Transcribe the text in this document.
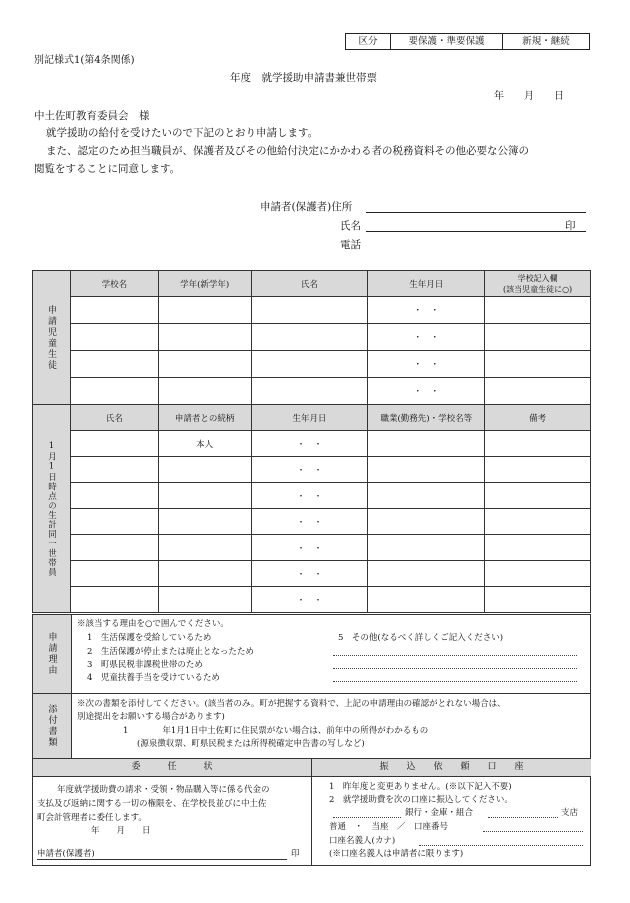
区分	要保護・準要保護	新規・継続
別記様式1(第4条関係)
年度　就学援助申請書兼世帯票
年　　月　　日
中土佐町教育委員会　様
就学援助の給付を受けたいので下記のとおり申請します。
また、認定のため担当職員が、保護者及びその他給付決定にかかわる者の税務資料その他必要な公簿の
閲覧をすることに同意します。
申請者(保護者)住所
氏名	印
電話
申請児童生徒	学校名	学年(新学年)	氏名	生年月日	学校記入欄
(該当児童生徒に○)
				・　・	
				・　・	
				・　・	
				・　・	
1月1日時点の生計同一世帯員	氏名	申請者との続柄	生年月日	職業(勤務先)・学校名等	備考
		本人	・　・		
			・　・		
			・　・		
			・　・		
			・　・		
			・　・		
			・　・		
申請理由
※該当する理由を○で囲んでください。
1　生活保護を受給しているため
2　生活保護が停止または廃止となったため
3　町県民税非課税世帯のため
4　児童扶養手当を受けているため
5　その他(なるべく詳しくご記入ください)
添付書類 ※次の書類を添付してください。(該当者のみ。町が把握する資料で、上記の申請理由の確認がとれない場合は、
別途提出をお願いする場合があります)
1　　　　年1月1日中土佐町に住民票がない場合は、前年中の所得がわかるもの
(源泉徴収票、町県民税または所得税確定申告書の写しなど)
委　　　任　　　状	振　　込　　依　　頼　　口　　座
年度就学援助費の請求・受領・物品購入等に係る代金の
支払及び返納に関する一切の権限を、在学校長並びに中土佐
町会計管理者に委任します。
年　　月　　日
申請者(保護者)	印
1　昨年度と変更ありません。(※以下記入不要)
2　就学援助費を次の口座に振込してください。
銀行・金庫・組合	支店
普通　・　当座　／　口座番号
口座名義人(カナ)
(※口座名義人は申請者に限ります)
